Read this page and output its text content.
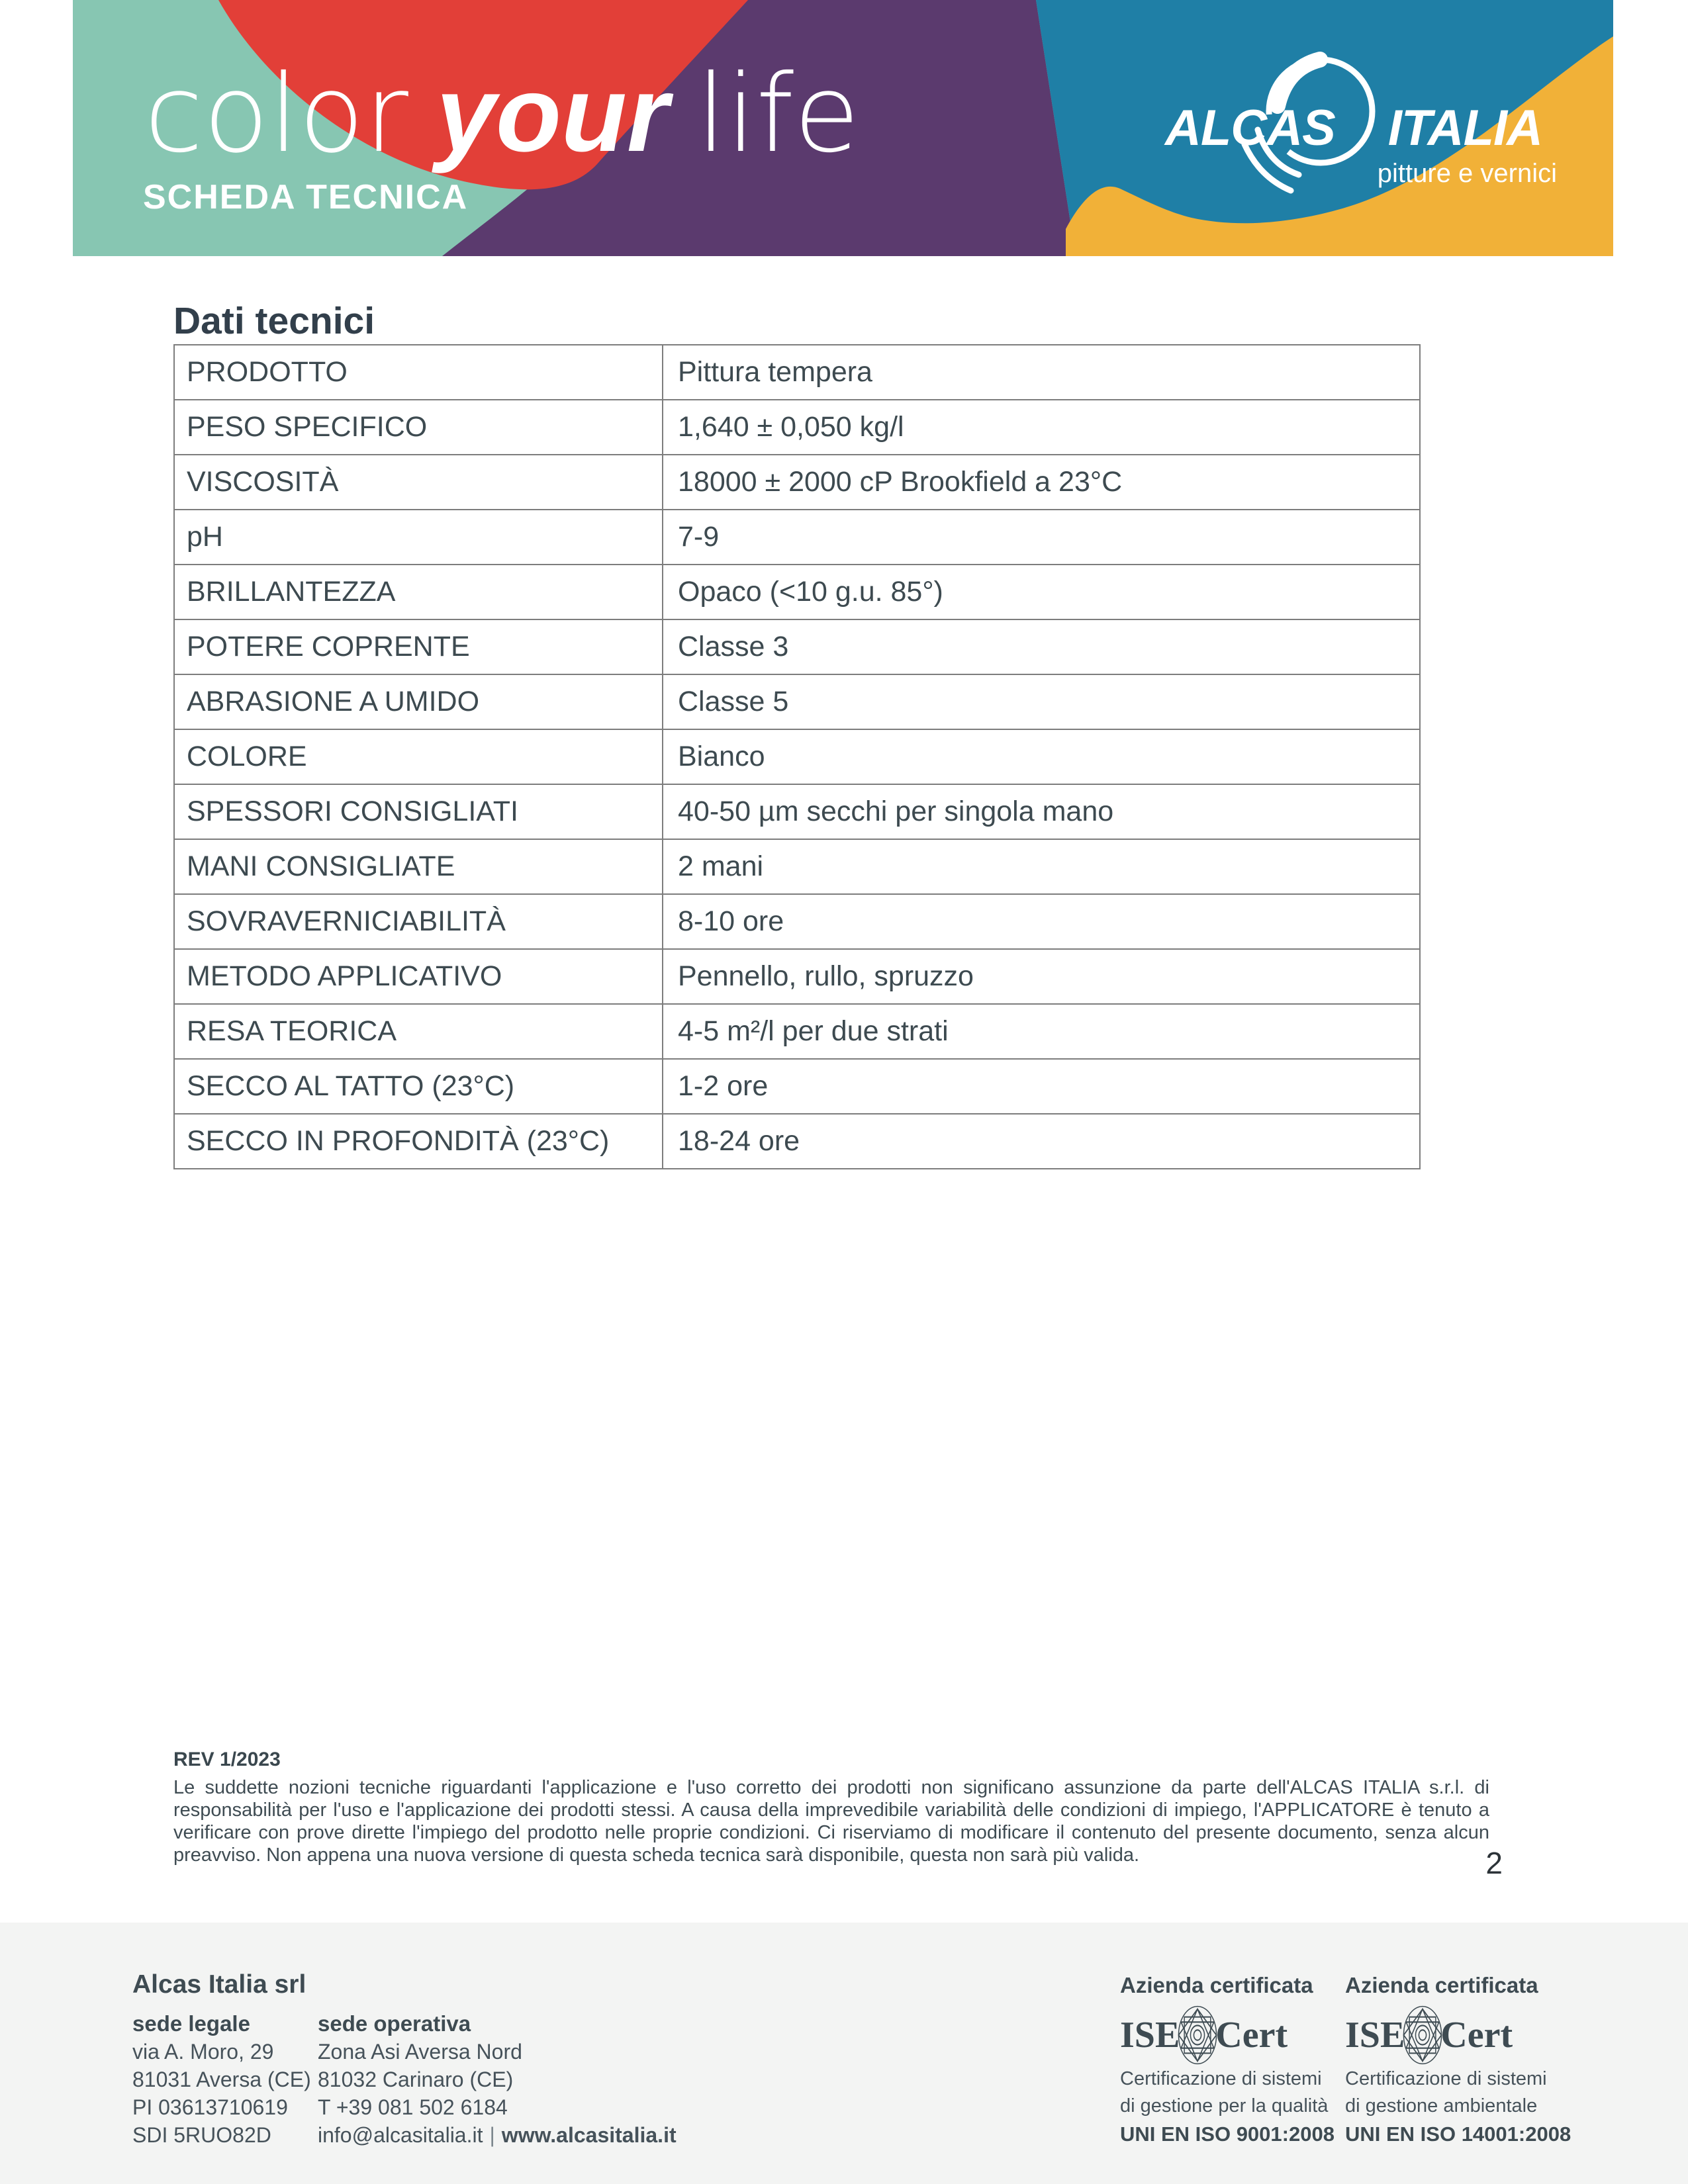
color your life
SCHEDA TECNICA
ALCAS ITALIA
pitture e vernici
Dati tecnici
PRODOTTO	Pittura tempera
PESO SPECIFICO	1,640 ± 0,050 kg/l
VISCOSITÀ	18000 ± 2000 cP Brookfield a 23°C
pH	7-9
BRILLANTEZZA	Opaco (<10 g.u. 85°)
POTERE COPRENTE	Classe 3
ABRASIONE A UMIDO	Classe 5
COLORE	Bianco
SPESSORI CONSIGLIATI	40-50 µm secchi per singola mano
MANI CONSIGLIATE	2 mani
SOVRAVERNICIABILITÀ	8-10 ore
METODO APPLICATIVO	Pennello, rullo, spruzzo
RESA TEORICA	4-5 m²/l per due strati
SECCO AL TATTO (23°C)	1-2 ore
SECCO IN PROFONDITÀ (23°C)	18-24 ore
REV 1/2023
Le suddette nozioni tecniche riguardanti l'applicazione e l'uso corretto dei prodotti non significano assunzione da parte dell'ALCAS ITALIA s.r.l. di responsabilità per l'uso e l'applicazione dei prodotti stessi. A causa della imprevedibile variabilità delle condizioni di impiego, l'APPLICATORE è tenuto a verificare con prove dirette l'impiego del prodotto nelle proprie condizioni. Ci riserviamo di modificare il contenuto del presente documento, senza alcun preavviso. Non appena una nuova versione di questa scheda tecnica sarà disponibile, questa non sarà più valida.	2
Alcas Italia srl
sede legale
via A. Moro, 29
81031 Aversa (CE)
PI 03613710619
SDI 5RUO82D
sede operativa
Zona Asi Aversa Nord
81032 Carinaro (CE)
T +39 081 502 6184
info@alcasitalia.it | www.alcasitalia.it
Azienda certificata
ISE Cert
Certificazione di sistemi
di gestione per la qualità
UNI EN ISO 9001:2008
Azienda certificata
ISE Cert
Certificazione di sistemi
di gestione ambientale
UNI EN ISO 14001:2008
